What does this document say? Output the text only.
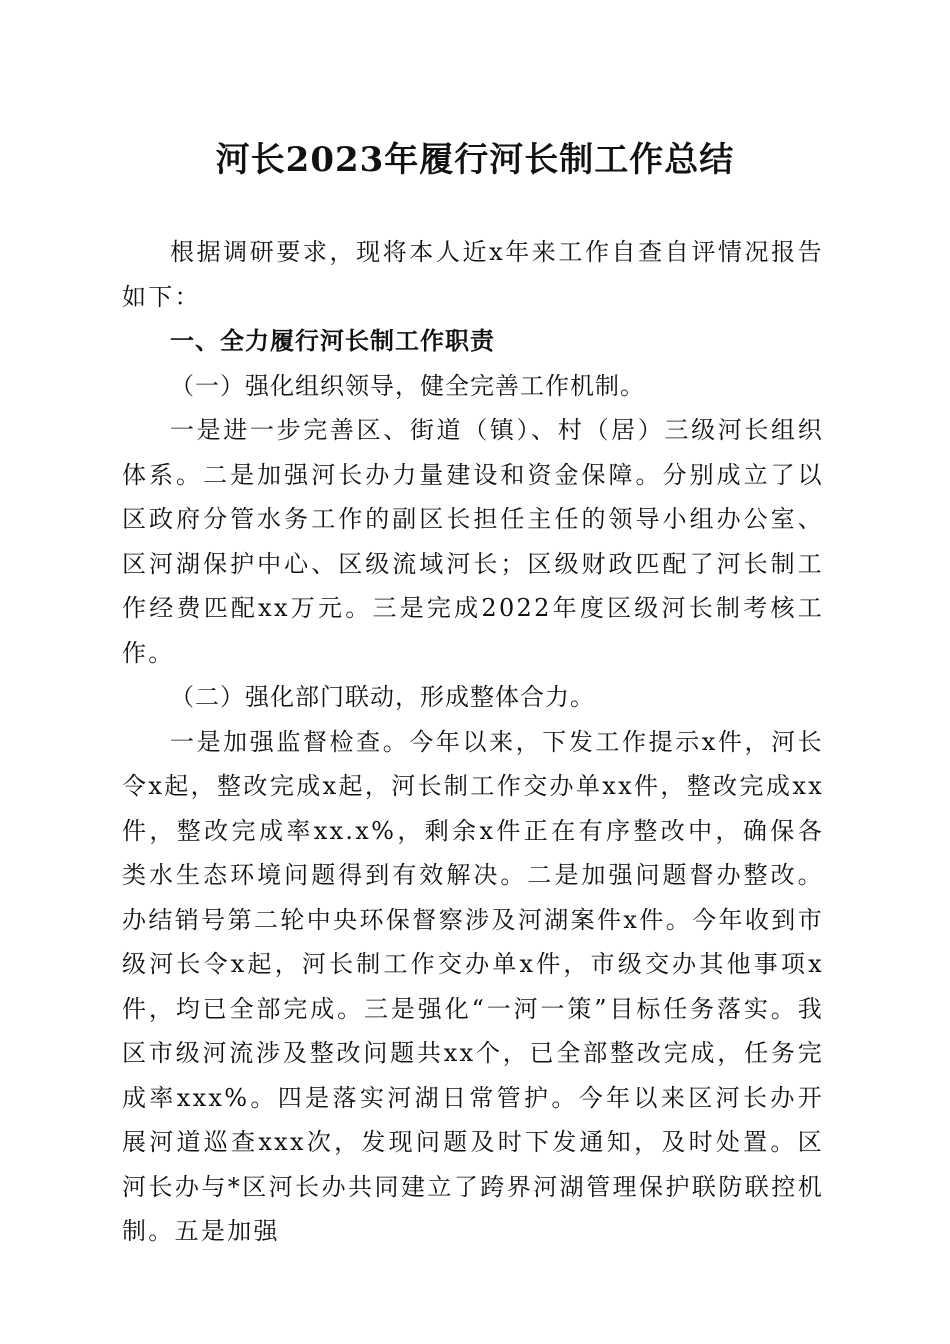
河长2023年履行河长制工作总结

根据调研要求，现将本人近x年来工作自查自评情况报告如下：

一、全力履行河长制工作职责

（一）强化组织领导，健全完善工作机制。

一是进一步完善区、街道（镇）、村（居）三级河长组织体系。二是加强河长办力量建设和资金保障。分别成立了以区政府分管水务工作的副区长担任主任的领导小组办公室、区河湖保护中心、区级流域河长；区级财政匹配了河长制工作经费匹配xx万元。三是完成2022年度区级河长制考核工作。

（二）强化部门联动，形成整体合力。

一是加强监督检查。今年以来，下发工作提示x件，河长令x起，整改完成x起，河长制工作交办单xx件，整改完成xx件，整改完成率xx.x%，剩余x件正在有序整改中，确保各类水生态环境问题得到有效解决。二是加强问题督办整改。办结销号第二轮中央环保督察涉及河湖案件x件。今年收到市级河长令x起，河长制工作交办单x件，市级交办其他事项x件，均已全部完成。三是强化“一河一策”目标任务落实。我区市级河流涉及整改问题共xx个，已全部整改完成，任务完成率xxx%。四是落实河湖日常管护。今年以来区河长办开展河道巡查xxx次，发现问题及时下发通知，及时处置。区河长办与*区河长办共同建立了跨界河湖管理保护联防联控机制。五是加强
